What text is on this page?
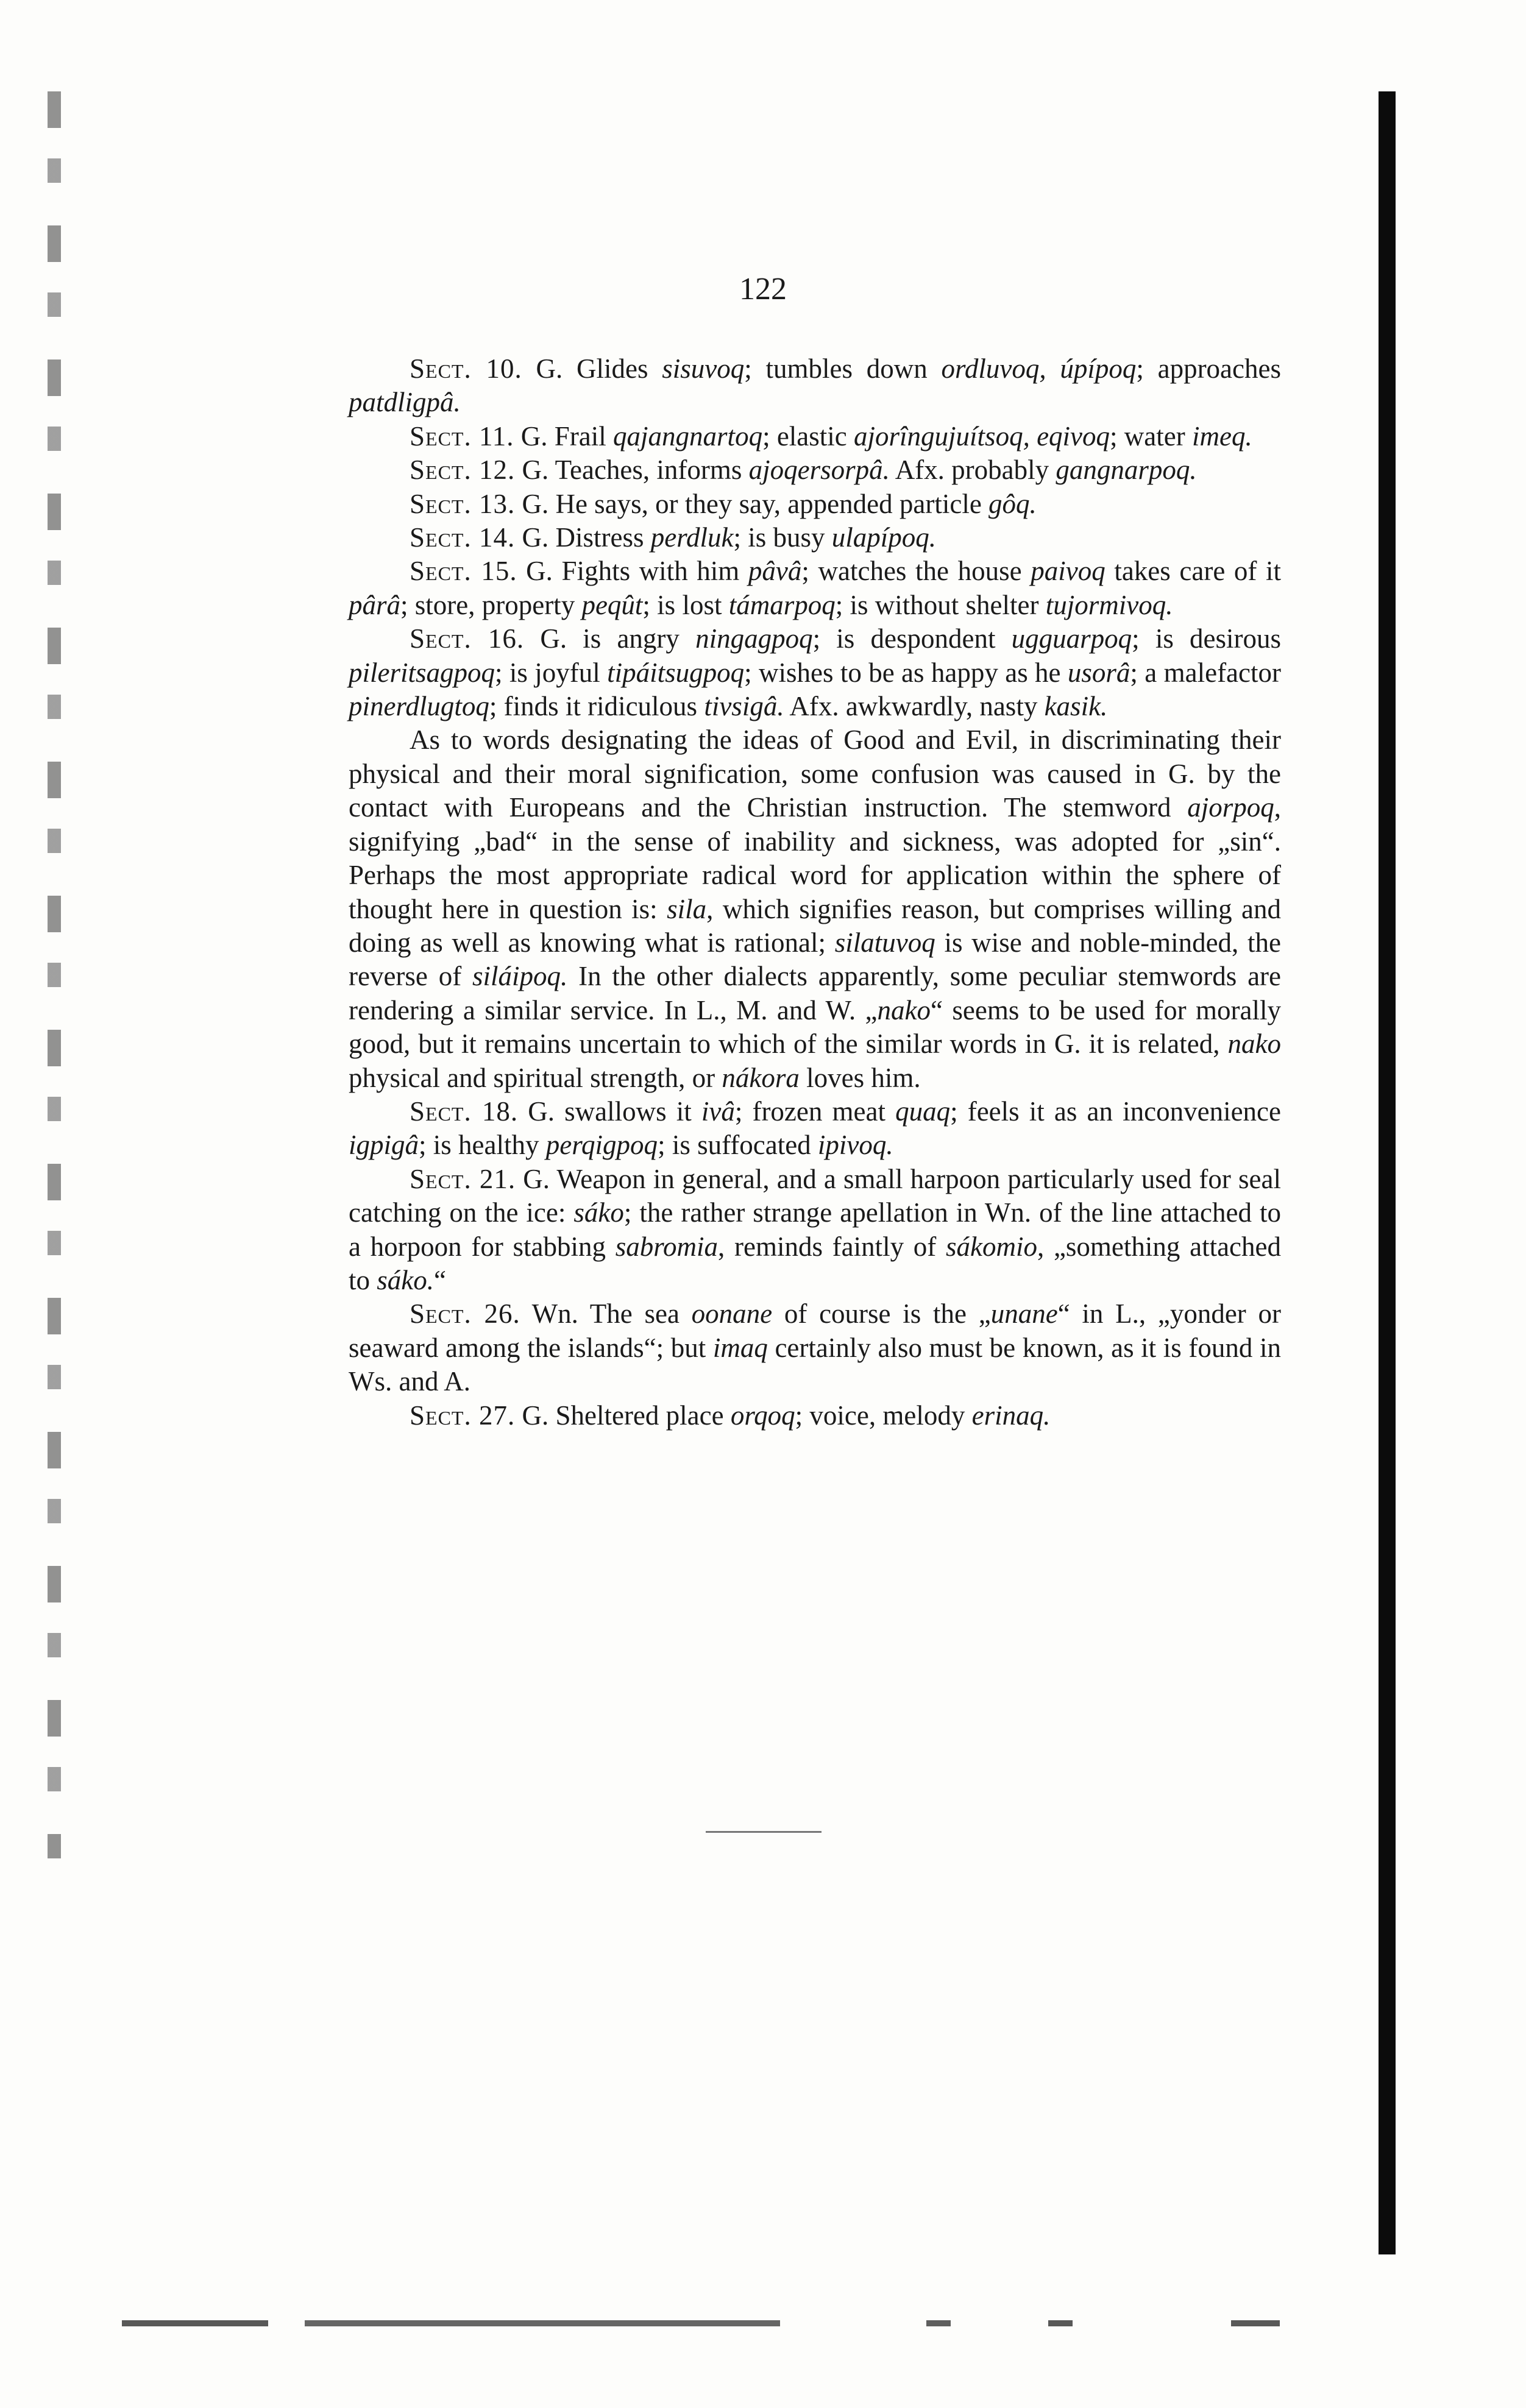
122

Sect. 10. G. Glides sisuvoq; tumbles down ordluvoq, úpípoq; approaches patdligpâ.

Sect. 11. G. Frail qajangnartoq; elastic ajorîngujuítsoq, eqivoq; water imeq.

Sect. 12. G. Teaches, informs ajoqersorpâ. Afx. probably gangnarpoq.

Sect. 13. G. He says, or they say, appended particle gôq.

Sect. 14. G. Distress perdluk; is busy ulapípoq.

Sect. 15. G. Fights with him pâvâ; watches the house paivoq takes care of it pârâ; store, property peqût; is lost támarpoq; is without shelter tujormivoq.

Sect. 16. G. is angry ningagpoq; is despondent ugguarpoq; is desirous pileritsagpoq; is joyful tipáitsugpoq; wishes to be as happy as he usorâ; a malefactor pinerdlugtoq; finds it ridiculous tivsigâ. Afx. awkwardly, nasty kasik.

As to words designating the ideas of Good and Evil, in discriminating their physical and their moral signification, some confusion was caused in G. by the contact with Europeans and the Christian instruction. The stemword ajorpoq, signifying „bad“ in the sense of inability and sickness, was adopted for „sin“. Perhaps the most appropriate radical word for application within the sphere of thought here in question is: sila, which signifies reason, but comprises willing and doing as well as knowing what is rational; silatuvoq is wise and noble-minded, the reverse of siláipoq. In the other dialects apparently, some peculiar stemwords are rendering a similar service. In L., M. and W. „nako“ seems to be used for morally good, but it remains uncertain to which of the similar words in G. it is related, nako physical and spiritual strength, or nákora loves him.

Sect. 18. G. swallows it ivâ; frozen meat quaq; feels it as an inconvenience igpigâ; is healthy perqigpoq; is suffocated ipivoq.

Sect. 21. G. Weapon in general, and a small harpoon particularly used for seal catching on the ice: sáko; the rather strange apellation in Wn. of the line attached to a horpoon for stabbing sabromia, reminds faintly of sákomio, „something attached to sáko.“

Sect. 26. Wn. The sea oonane of course is the „unane“ in L., „yonder or seaward among the islands“; but imaq certainly also must be known, as it is found in Ws. and A.

Sect. 27. G. Sheltered place orqoq; voice, melody erinaq.
